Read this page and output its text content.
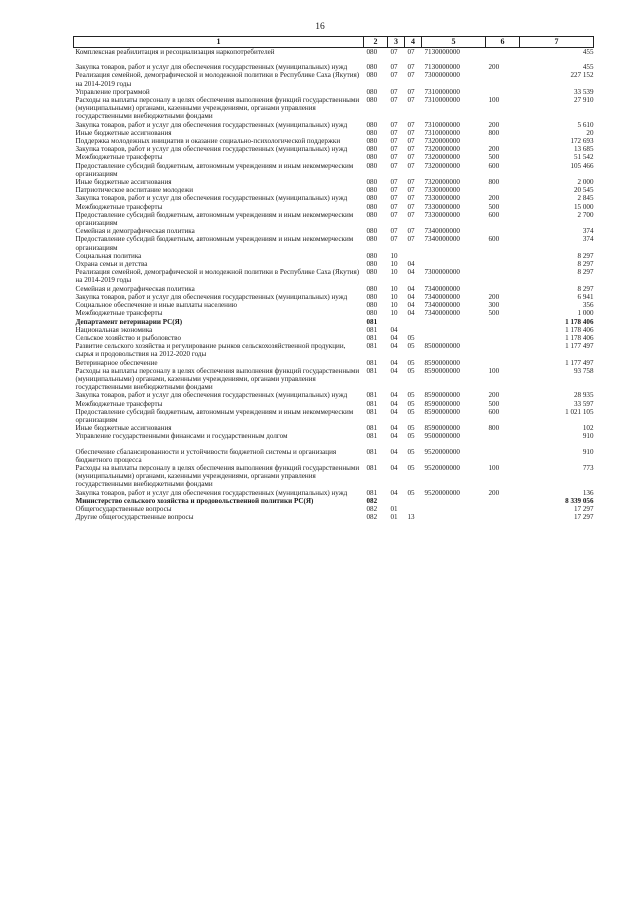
16
1	2	3	4	5	6	7
Комплексная реабилитация и ресоциализация наркопотребителей	080	07	07	7130000000		455
Закупка товаров, работ и услуг для обеспечения государственных (муниципальных) нужд	080	07	07	7130000000	200	455
Реализация семейной, демографической и молодежной политики в Республике Саха (Якутия) на 2014-2019 годы	080	07	07	7300000000		227 152
Управление программой	080	07	07	7310000000		33 539
Расходы на выплаты персоналу в целях обеспечения выполнения функций государственными (муниципальными) органами, казенными учреждениями, органами управления государственными внебюджетными фондами	080	07	07	7310000000	100	27 910
Закупка товаров, работ и услуг для обеспечения государственных (муниципальных) нужд	080	07	07	7310000000	200	5 610
Иные бюджетные ассигнования	080	07	07	7310000000	800	20
Поддержка молодежных инициатив и оказание социально-психологической поддержки	080	07	07	7320000000		172 693
Закупка товаров, работ и услуг для обеспечения государственных (муниципальных) нужд	080	07	07	7320000000	200	13 685
Межбюджетные трансферты	080	07	07	7320000000	500	51 542
Предоставление субсидий бюджетным, автономным учреждениям и иным некоммерческим организациям	080	07	07	7320000000	600	105 466
Иные бюджетные ассигнования	080	07	07	7320000000	800	2 000
Патриотическое воспитание молодежи	080	07	07	7330000000		20 545
Закупка товаров, работ и услуг для обеспечения государственных (муниципальных) нужд	080	07	07	7330000000	200	2 845
Межбюджетные трансферты	080	07	07	7330000000	500	15 000
Предоставление субсидий бюджетным, автономным учреждениям и иным некоммерческим организациям	080	07	07	7330000000	600	2 700
Семейная и демографическая политика	080	07	07	7340000000		374
Предоставление субсидий бюджетным, автономным учреждениям и иным некоммерческим организациям	080	07	07	7340000000	600	374
Социальная политика	080	10				8 297
Охрана семьи и детства	080	10	04			8 297
Реализация семейной, демографической и молодежной политики в Республике Саха (Якутия) на 2014-2019 годы	080	10	04	7300000000		8 297
Семейная и демографическая политика	080	10	04	7340000000		8 297
Закупка товаров, работ и услуг для обеспечения государственных (муниципальных) нужд	080	10	04	7340000000	200	6 941
Социальное обеспечение и иные выплаты населению	080	10	04	7340000000	300	356
Межбюджетные трансферты	080	10	04	7340000000	500	1 000
Департамент ветеринарии РС(Я)	081					1 178 406
Национальная экономика	081	04				1 178 406
Сельское хозяйство и рыболовство	081	04	05			1 178 406
Развитие сельского хозяйства и регулирование рынков сельскохозяйственной продукции, сырья и продовольствия на 2012-2020 годы	081	04	05	8500000000		1 177 497
Ветеринарное обеспечение	081	04	05	8590000000		1 177 497
Расходы на выплаты персоналу в целях обеспечения выполнения функций государственными (муниципальными) органами, казенными учреждениями, органами управления государственными внебюджетными фондами	081	04	05	8590000000	100	93 758
Закупка товаров, работ и услуг для обеспечения государственных (муниципальных) нужд	081	04	05	8590000000	200	28 935
Межбюджетные трансферты	081	04	05	8590000000	500	33 597
Предоставление субсидий бюджетным, автономным учреждениям и иным некоммерческим организациям	081	04	05	8590000000	600	1 021 105
Иные бюджетные ассигнования	081	04	05	8590000000	800	102
Управление государственными финансами и государственным долгом	081	04	05	9500000000		910
Обеспечение сбалансированности и устойчивости бюджетной системы и организация бюджетного процесса	081	04	05	9520000000		910
Расходы на выплаты персоналу в целях обеспечения выполнения функций государственными (муниципальными) органами, казенными учреждениями, органами управления государственными внебюджетными фондами	081	04	05	9520000000	100	773
Закупка товаров, работ и услуг для обеспечения государственных (муниципальных) нужд	081	04	05	9520000000	200	136
Министерство сельского хозяйства и продовольственной политики РС(Я)	082					8 339 056
Общегосударственные вопросы	082	01				17 297
Другие общегосударственные вопросы	082	01	13			17 297
